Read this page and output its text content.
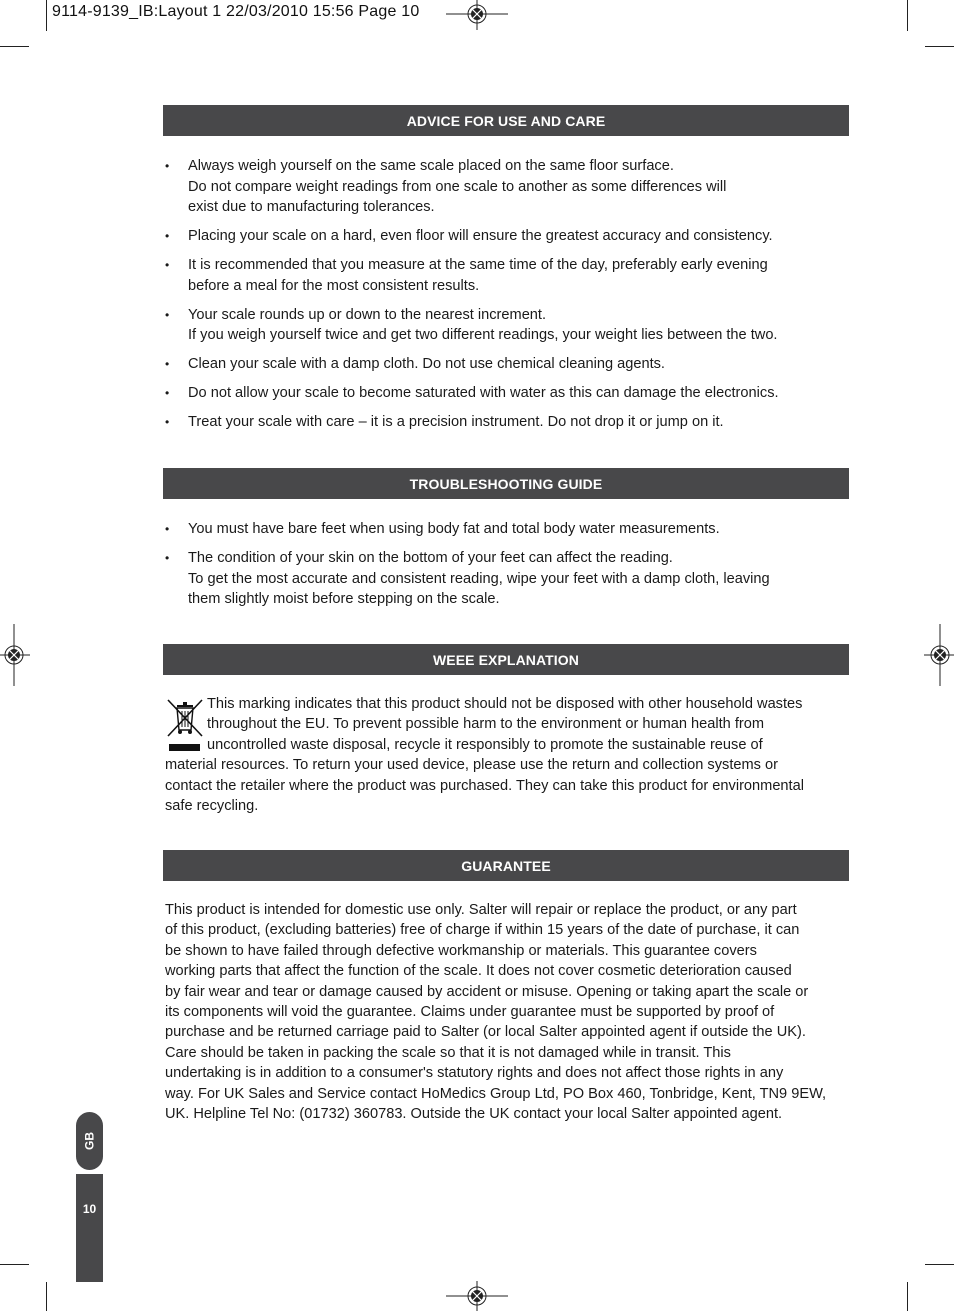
9114-9139_IB:Layout 1 22/03/2010 15:56 Page 10
ADVICE FOR USE AND CARE
• Always weigh yourself on the same scale placed on the same floor surface.
Do not compare weight readings from one scale to another as some differences will
exist due to manufacturing tolerances.
• Placing your scale on a hard, even floor will ensure the greatest accuracy and consistency.
• It is recommended that you measure at the same time of the day, preferably early evening
before a meal for the most consistent results.
• Your scale rounds up or down to the nearest increment.
If you weigh yourself twice and get two different readings, your weight lies between the two.
• Clean your scale with a damp cloth. Do not use chemical cleaning agents.
• Do not allow your scale to become saturated with water as this can damage the electronics.
• Treat your scale with care – it is a precision instrument. Do not drop it or jump on it.
TROUBLESHOOTING GUIDE
• You must have bare feet when using body fat and total body water measurements.
• The condition of your skin on the bottom of your feet can affect the reading.
To get the most accurate and consistent reading, wipe your feet with a damp cloth, leaving
them slightly moist before stepping on the scale.
WEEE EXPLANATION
This marking indicates that this product should not be disposed with other household wastes
throughout the EU. To prevent possible harm to the environment or human health from
uncontrolled waste disposal, recycle it responsibly to promote the sustainable reuse of
material resources. To return your used device, please use the return and collection systems or
contact the retailer where the product was purchased. They can take this product for environmental
safe recycling.
GUARANTEE
This product is intended for domestic use only. Salter will repair or replace the product, or any part
of this product, (excluding batteries) free of charge if within 15 years of the date of purchase, it can
be shown to have failed through defective workmanship or materials. This guarantee covers
working parts that affect the function of the scale. It does not cover cosmetic deterioration caused
by fair wear and tear or damage caused by accident or misuse. Opening or taking apart the scale or
its components will void the guarantee. Claims under guarantee must be supported by proof of
purchase and be returned carriage paid to Salter (or local Salter appointed agent if outside the UK).
Care should be taken in packing the scale so that it is not damaged while in transit. This
undertaking is in addition to a consumer's statutory rights and does not affect those rights in any
way. For UK Sales and Service contact HoMedics Group Ltd, PO Box 460, Tonbridge, Kent, TN9 9EW,
UK. Helpline Tel No: (01732) 360783. Outside the UK contact your local Salter appointed agent.
GB
10
